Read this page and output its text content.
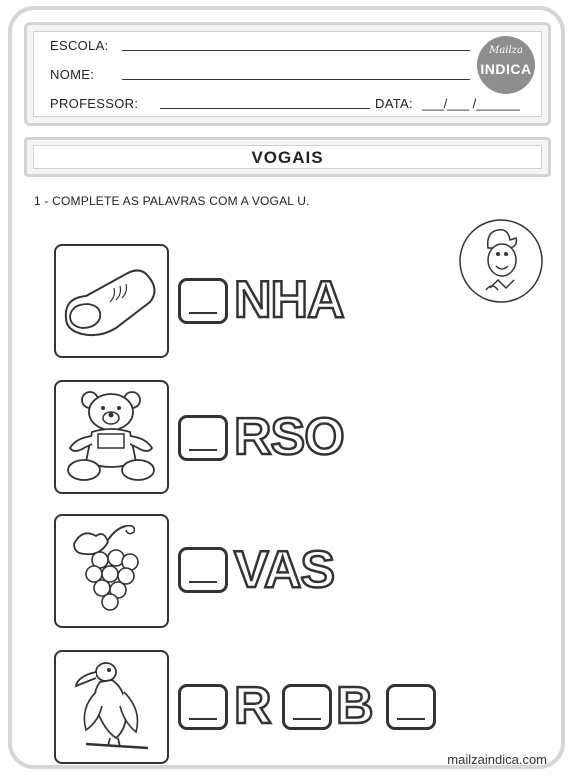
ESCOLA:
NOME:
PROFESSOR:	DATA: ___/___ /______
Mailza
INDICA
VOGAIS
1 - COMPLETE AS PALAVRAS COM A VOGAL U.
NHA
RSO
VAS
R B
mailzaindica.com
